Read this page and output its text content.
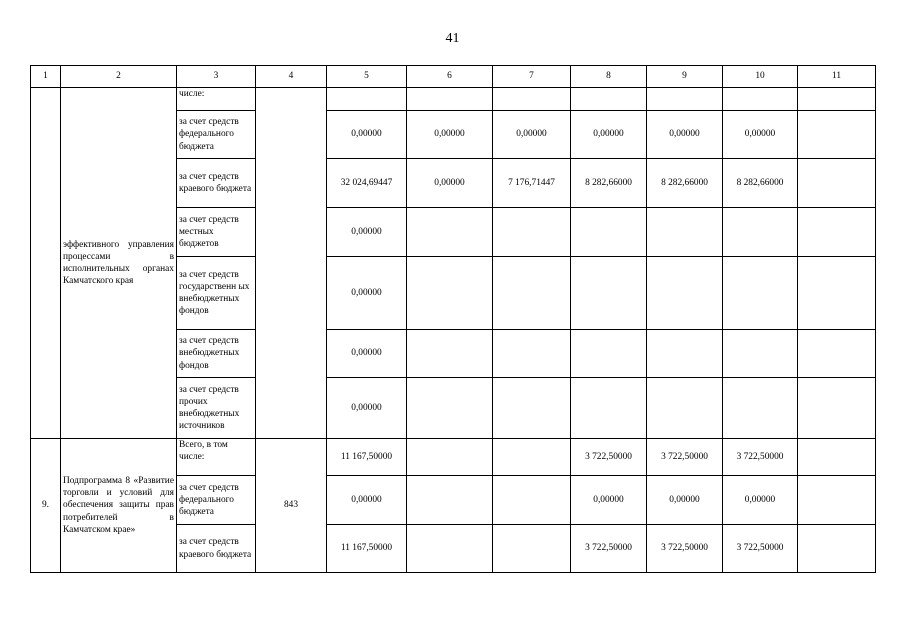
41
1	2	3	4	5	6	7	8	9	10	11
	эффективного управления процессами в исполнительных органах Камчатского края	числе:								
		за счет средств федерального бюджета		0,00000	0,00000	0,00000	0,00000	0,00000	0,00000	
		за счет средств краевого бюджета		32 024,69447	0,00000	7 176,71447	8 282,66000	8 282,66000	8 282,66000	
		за счет средств местных бюджетов		0,00000						
		за счет средств государственн ых внебюджетных фондов		0,00000						
		за счет средств внебюджетных фондов		0,00000						
		за счет средств прочих внебюджетных источников		0,00000						
9.	Подпрограмма 8 «Развитие торговли и условий для обеспечения защиты прав потребителей в Камчатском крае»	Всего, в том числе:	843	11 167,50000			3 722,50000	3 722,50000	3 722,50000	
		за счет средств федерального бюджета		0,00000			0,00000	0,00000	0,00000	
		за счет средств краевого бюджета		11 167,50000			3 722,50000	3 722,50000	3 722,50000	
